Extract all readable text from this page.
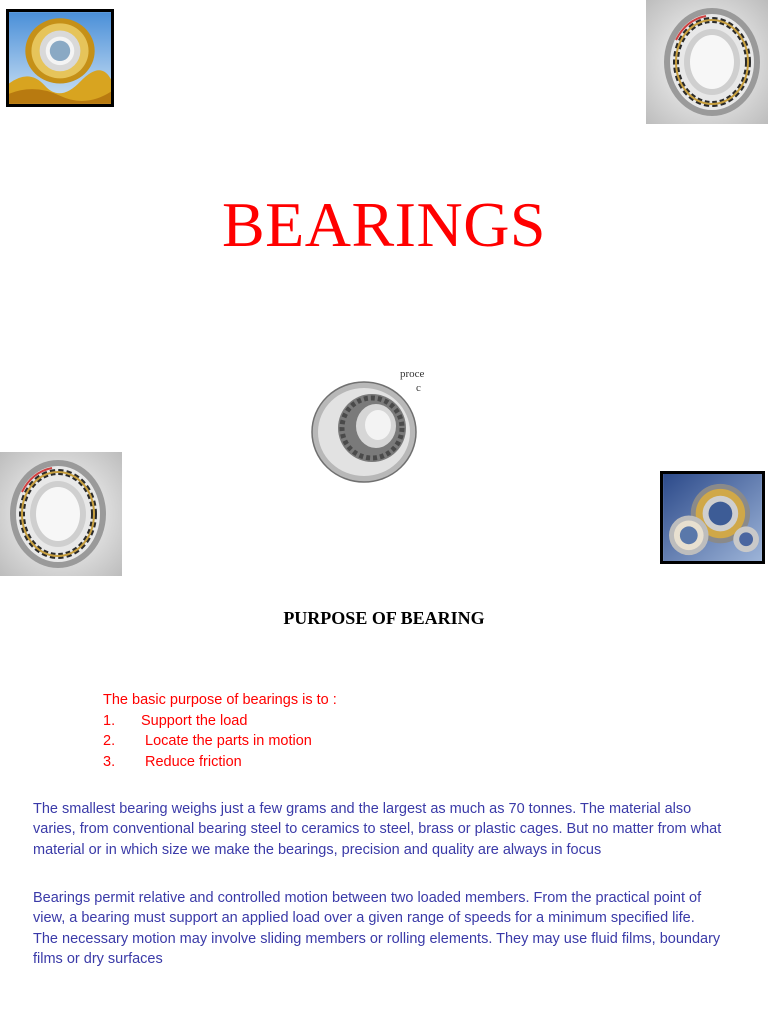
BEARINGS
proce
c
PURPOSE OF BEARING
The basic purpose of bearings is to :
1. Support the load
2. Locate the parts in motion
3. Reduce friction
The smallest bearing weighs just a few grams and the largest as much as 70 tonnes. The material also varies, from conventional bearing steel to ceramics to steel, brass or plastic cages. But no matter from what material or in which size we make the bearings, precision and quality are always in focus
Bearings permit relative and controlled motion between two loaded members. From the practical point of view, a bearing must support an applied load over a given range of speeds for a minimum specified life. The necessary motion may involve sliding members or rolling elements. They may use fluid films, boundary films or dry surfaces
